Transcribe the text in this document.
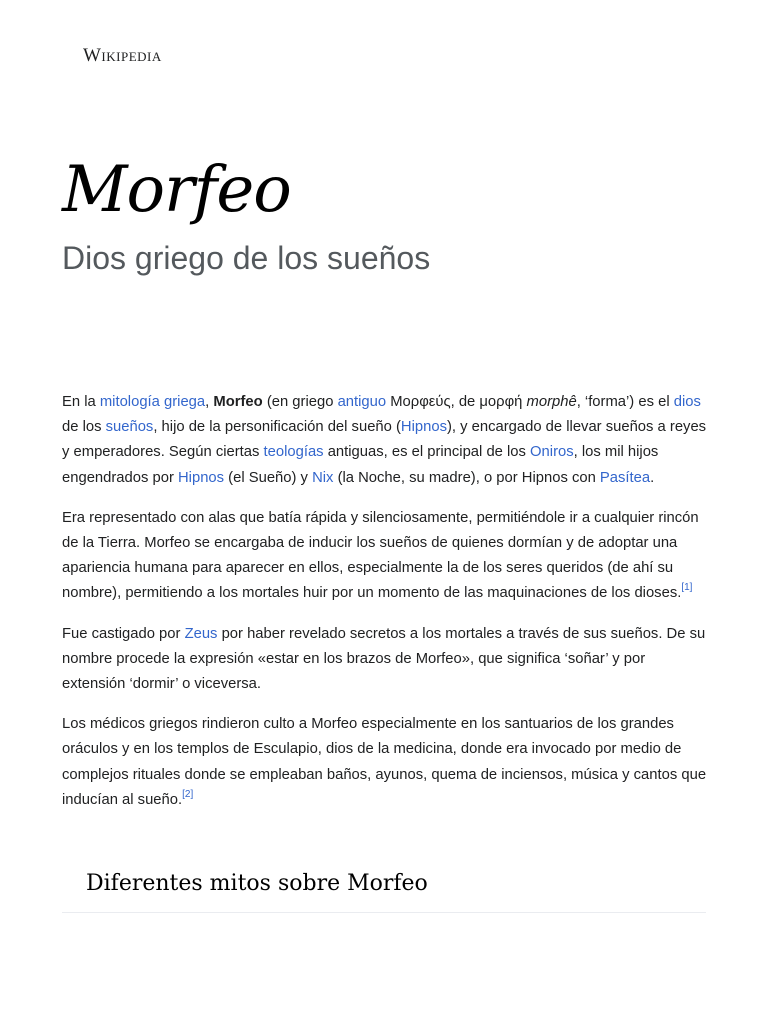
Wikipedia
Morfeo
Dios griego de los sueños

En la mitología griega, Morfeo (en griego antiguo Μορφεύς, de μορφή morphê, ‘forma’) es el dios de los sueños, hijo de la personificación del sueño (Hipnos), y encargado de llevar sueños a reyes y emperadores. Según ciertas teologías antiguas, es el principal de los Oniros, los mil hijos engendrados por Hipnos (el Sueño) y Nix (la Noche, su madre), o por Hipnos con Pasítea.

Era representado con alas que batía rápida y silenciosamente, permitiéndole ir a cualquier rincón de la Tierra. Morfeo se encargaba de inducir los sueños de quienes dormían y de adoptar una apariencia humana para aparecer en ellos, especialmente la de los seres queridos (de ahí su nombre), permitiendo a los mortales huir por un momento de las maquinaciones de los dioses.[1]

Fue castigado por Zeus por haber revelado secretos a los mortales a través de sus sueños. De su nombre procede la expresión «estar en los brazos de Morfeo», que significa ‘soñar’ y por extensión ‘dormir’ o viceversa.

Los médicos griegos rindieron culto a Morfeo especialmente en los santuarios de los grandes oráculos y en los templos de Esculapio, dios de la medicina, donde era invocado por medio de complejos rituales donde se empleaban baños, ayunos, quema de inciensos, música y cantos que inducían al sueño.[2]

Diferentes mitos sobre Morfeo
